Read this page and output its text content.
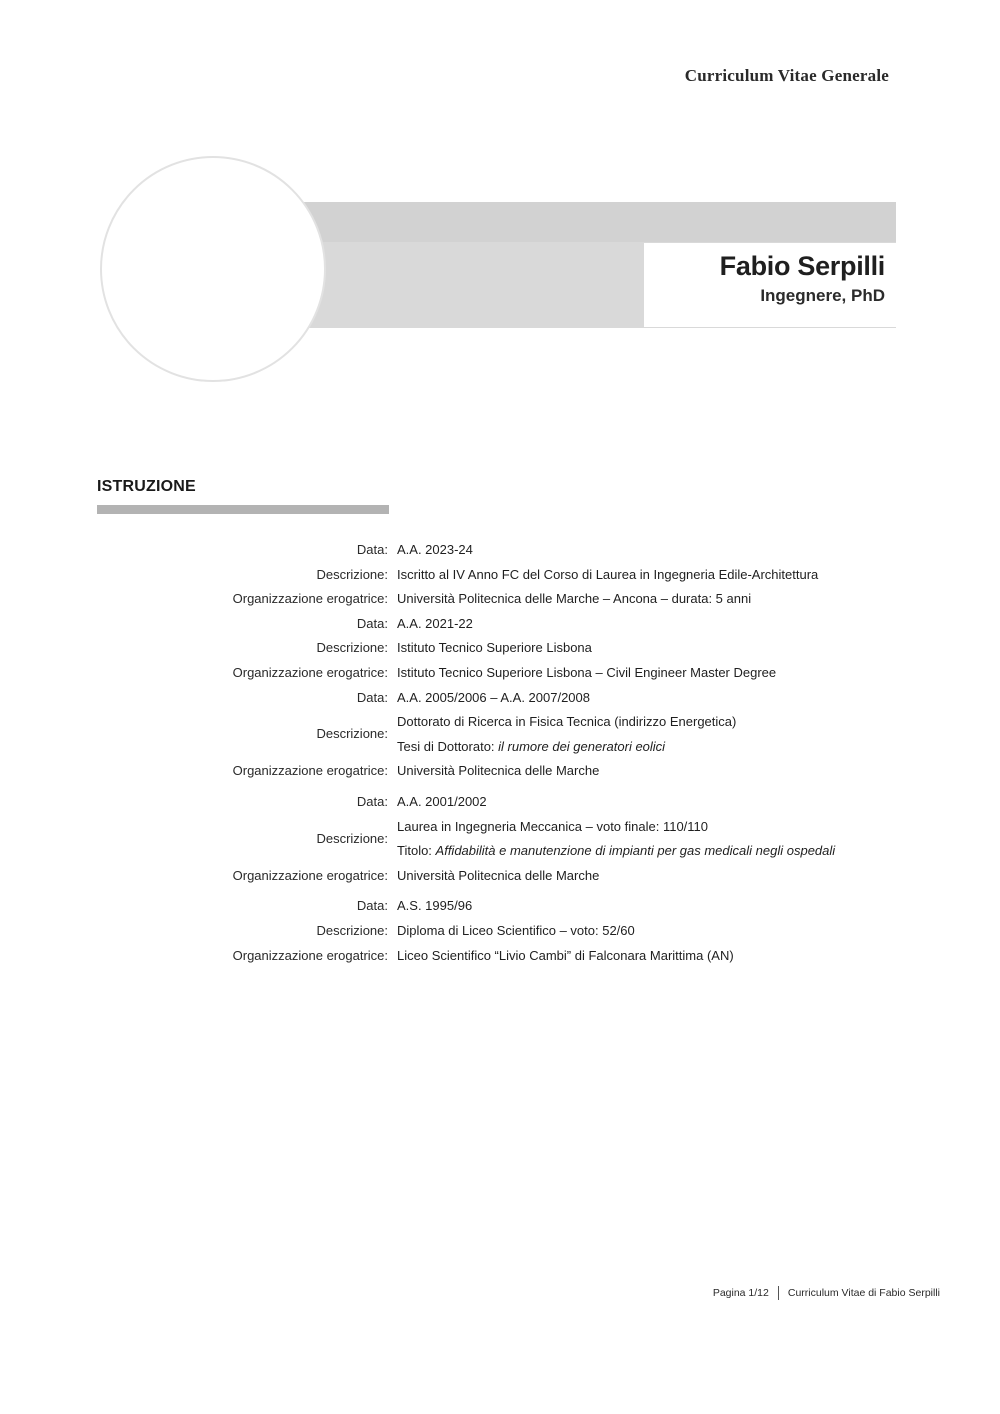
Curriculum Vitae Generale
Fabio Serpilli
Ingegnere, PhD
ISTRUZIONE
Data: A.A. 2023-24
Descrizione: Iscritto al IV Anno FC del Corso di Laurea in Ingegneria Edile-Architettura
Organizzazione erogatrice: Università Politecnica delle Marche – Ancona – durata: 5 anni
Data: A.A. 2021-22
Descrizione: Istituto Tecnico Superiore Lisbona
Organizzazione erogatrice: Istituto Tecnico Superiore Lisbona – Civil Engineer Master Degree
Data: A.A. 2005/2006 – A.A. 2007/2008
Descrizione:
Dottorato di Ricerca in Fisica Tecnica (indirizzo Energetica)
Tesi di Dottorato: il rumore dei generatori eolici
Organizzazione erogatrice: Università Politecnica delle Marche
Data: A.A. 2001/2002
Descrizione:
Laurea in Ingegneria Meccanica – voto finale: 110/110
Titolo: Affidabilità e manutenzione di impianti per gas medicali negli ospedali
Organizzazione erogatrice: Università Politecnica delle Marche
Data: A.S. 1995/96
Descrizione: Diploma di Liceo Scientifico – voto: 52/60
Organizzazione erogatrice: Liceo Scientifico “Livio Cambi” di Falconara Marittima (AN)
Pagina 1/12 Curriculum Vitae di Fabio Serpilli
